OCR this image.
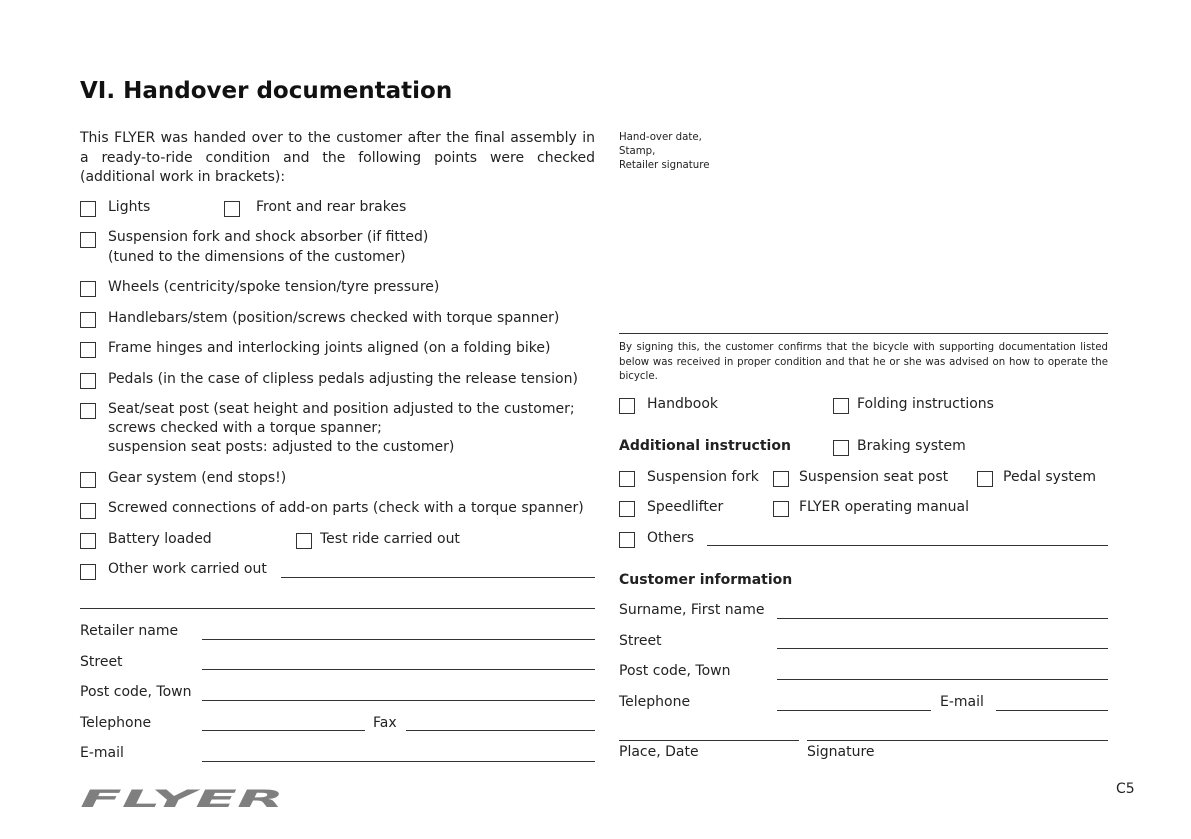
VI. Handover documentation
This FLYER was handed over to the customer after the final assembly in a ready-to-ride condition and the following points were checked (additional work in brackets):
Lights	Front and rear brakes
Suspension fork and shock absorber (if fitted)
(tuned to the dimensions of the customer)
Wheels (centricity/spoke tension/tyre pressure)
Handlebars/stem (position/screws checked with torque spanner)
Frame hinges and interlocking joints aligned (on a folding bike)
Pedals (in the case of clipless pedals adjusting the release tension)
Seat/seat post (seat height and position adjusted to the customer;
screws checked with a torque spanner;
suspension seat posts: adjusted to the customer)
Gear system (end stops!)
Screwed connections of add-on parts (check with a torque spanner)
Battery loaded	Test ride carried out
Other work carried out
Retailer name
Street
Post code, Town
Telephone	Fax
E-mail
Hand-over date,
Stamp,
Retailer signature
By signing this, the customer confirms that the bicycle with supporting documentation listed below was received in proper condition and that he or she was advised on how to operate the bicycle.
Handbook	Folding instructions
Additional instruction	Braking system
Suspension fork	Suspension seat post	Pedal system
Speedlifter	FLYER operating manual
Others
Customer information
Surname, First name
Street
Post code, Town
Telephone	E-mail
Place, Date	Signature
FLYER	C5
